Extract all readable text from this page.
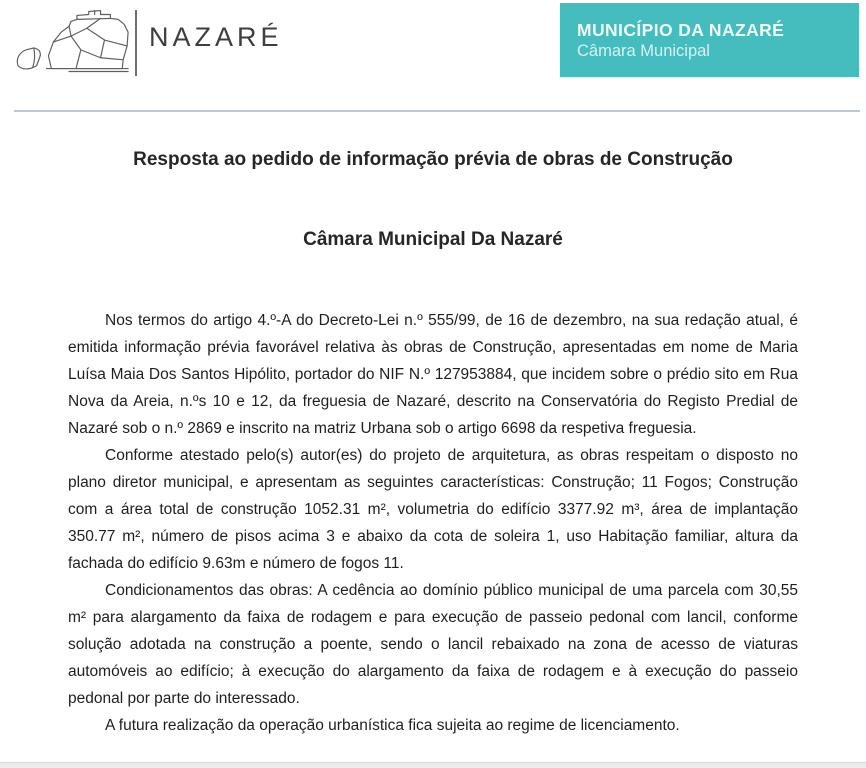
NAZARÉ	MUNICÍPIO DA NAZARÉ
Câmara Municipal
Resposta ao pedido de informação prévia de obras de Construção
Câmara Municipal Da Nazaré

Nos termos do artigo 4.º-A do Decreto-Lei n.º 555/99, de 16 de dezembro, na sua redação atual, é emitida informação prévia favorável relativa às obras de Construção, apresentadas em nome de Maria Luísa Maia Dos Santos Hipólito, portador do NIF N.º 127953884, que incidem sobre o prédio sito em Rua Nova da Areia, n.ºs 10 e 12, da freguesia de Nazaré, descrito na Conservatória do Registo Predial de Nazaré sob o n.º 2869 e inscrito na matriz Urbana sob o artigo 6698 da respetiva freguesia.

Conforme atestado pelo(s) autor(es) do projeto de arquitetura, as obras respeitam o disposto no plano diretor municipal, e apresentam as seguintes características: Construção; 11 Fogos; Construção com a área total de construção 1052.31 m², volumetria do edifício 3377.92 m³, área de implantação 350.77 m², número de pisos acima 3 e abaixo da cota de soleira 1, uso Habitação familiar, altura da fachada do edifício 9.63m e número de fogos 11.

Condicionamentos das obras: A cedência ao domínio público municipal de uma parcela com 30,55 m² para alargamento da faixa de rodagem e para execução de passeio pedonal com lancil, conforme solução adotada na construção a poente, sendo o lancil rebaixado na zona de acesso de viaturas automóveis ao edifício; à execução do alargamento da faixa de rodagem e à execução do passeio pedonal por parte do interessado.

A futura realização da operação urbanística fica sujeita ao regime de licenciamento.
